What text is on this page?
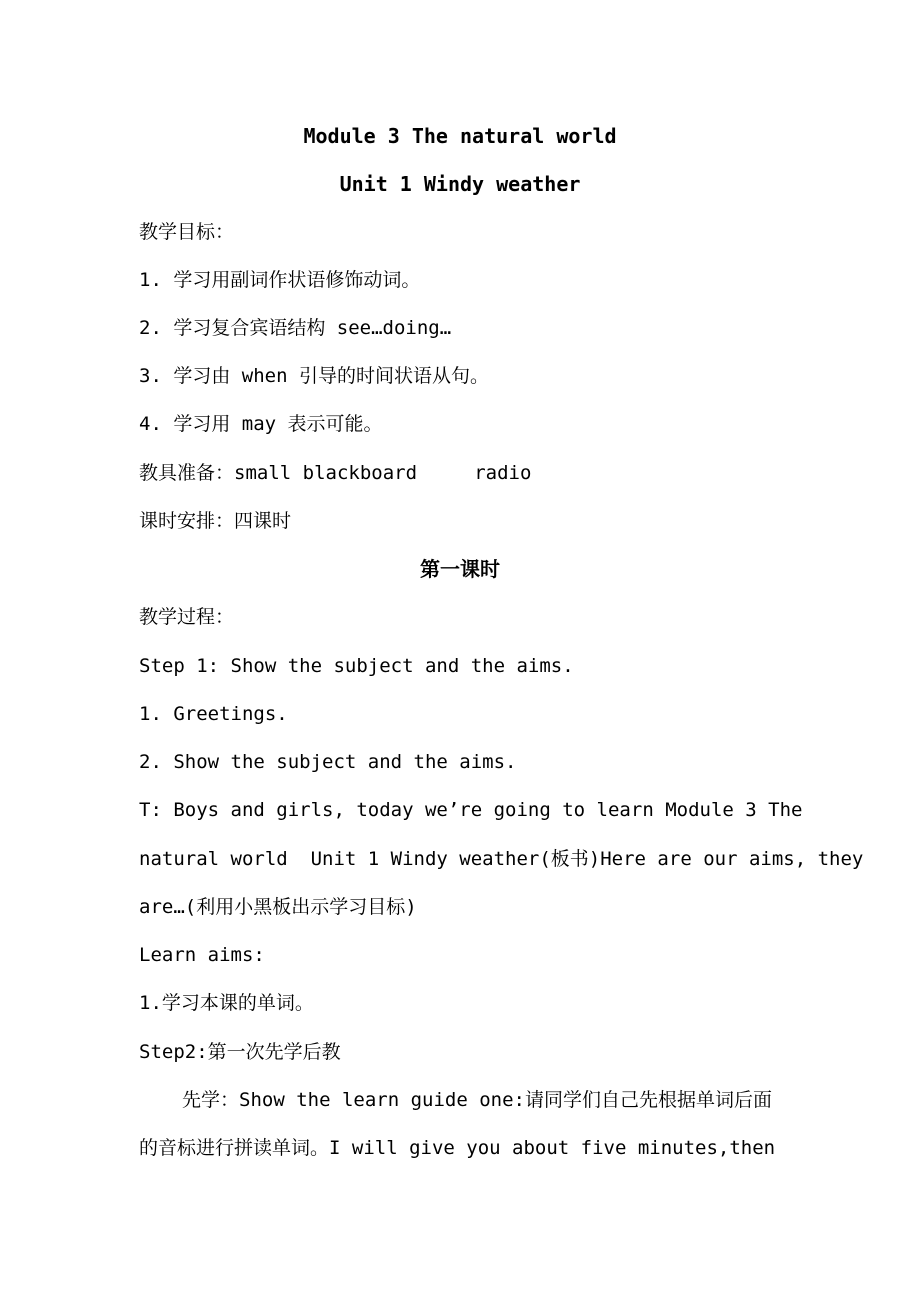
Module 3 The natural world
Unit 1 Windy weather
教学目标：
1. 学习用副词作状语修饰动词。
2. 学习复合宾语结构 see…doing…
3. 学习由 when 引导的时间状语从句。
4. 学习用 may 表示可能。
教具准备：small blackboard     radio
课时安排：四课时
第一课时
教学过程：
Step 1: Show the subject and the aims.
1. Greetings.
2. Show the subject and the aims.
T: Boys and girls, today we’re going to learn Module 3 The
natural world  Unit 1 Windy weather(板书)Here are our aims, they
are…(利用小黑板出示学习目标)
Learn aims:
1.学习本课的单词。
Step2:第一次先学后教
先学：Show the learn guide one:请同学们自己先根据单词后面
的音标进行拼读单词。I will give you about five minutes,then
